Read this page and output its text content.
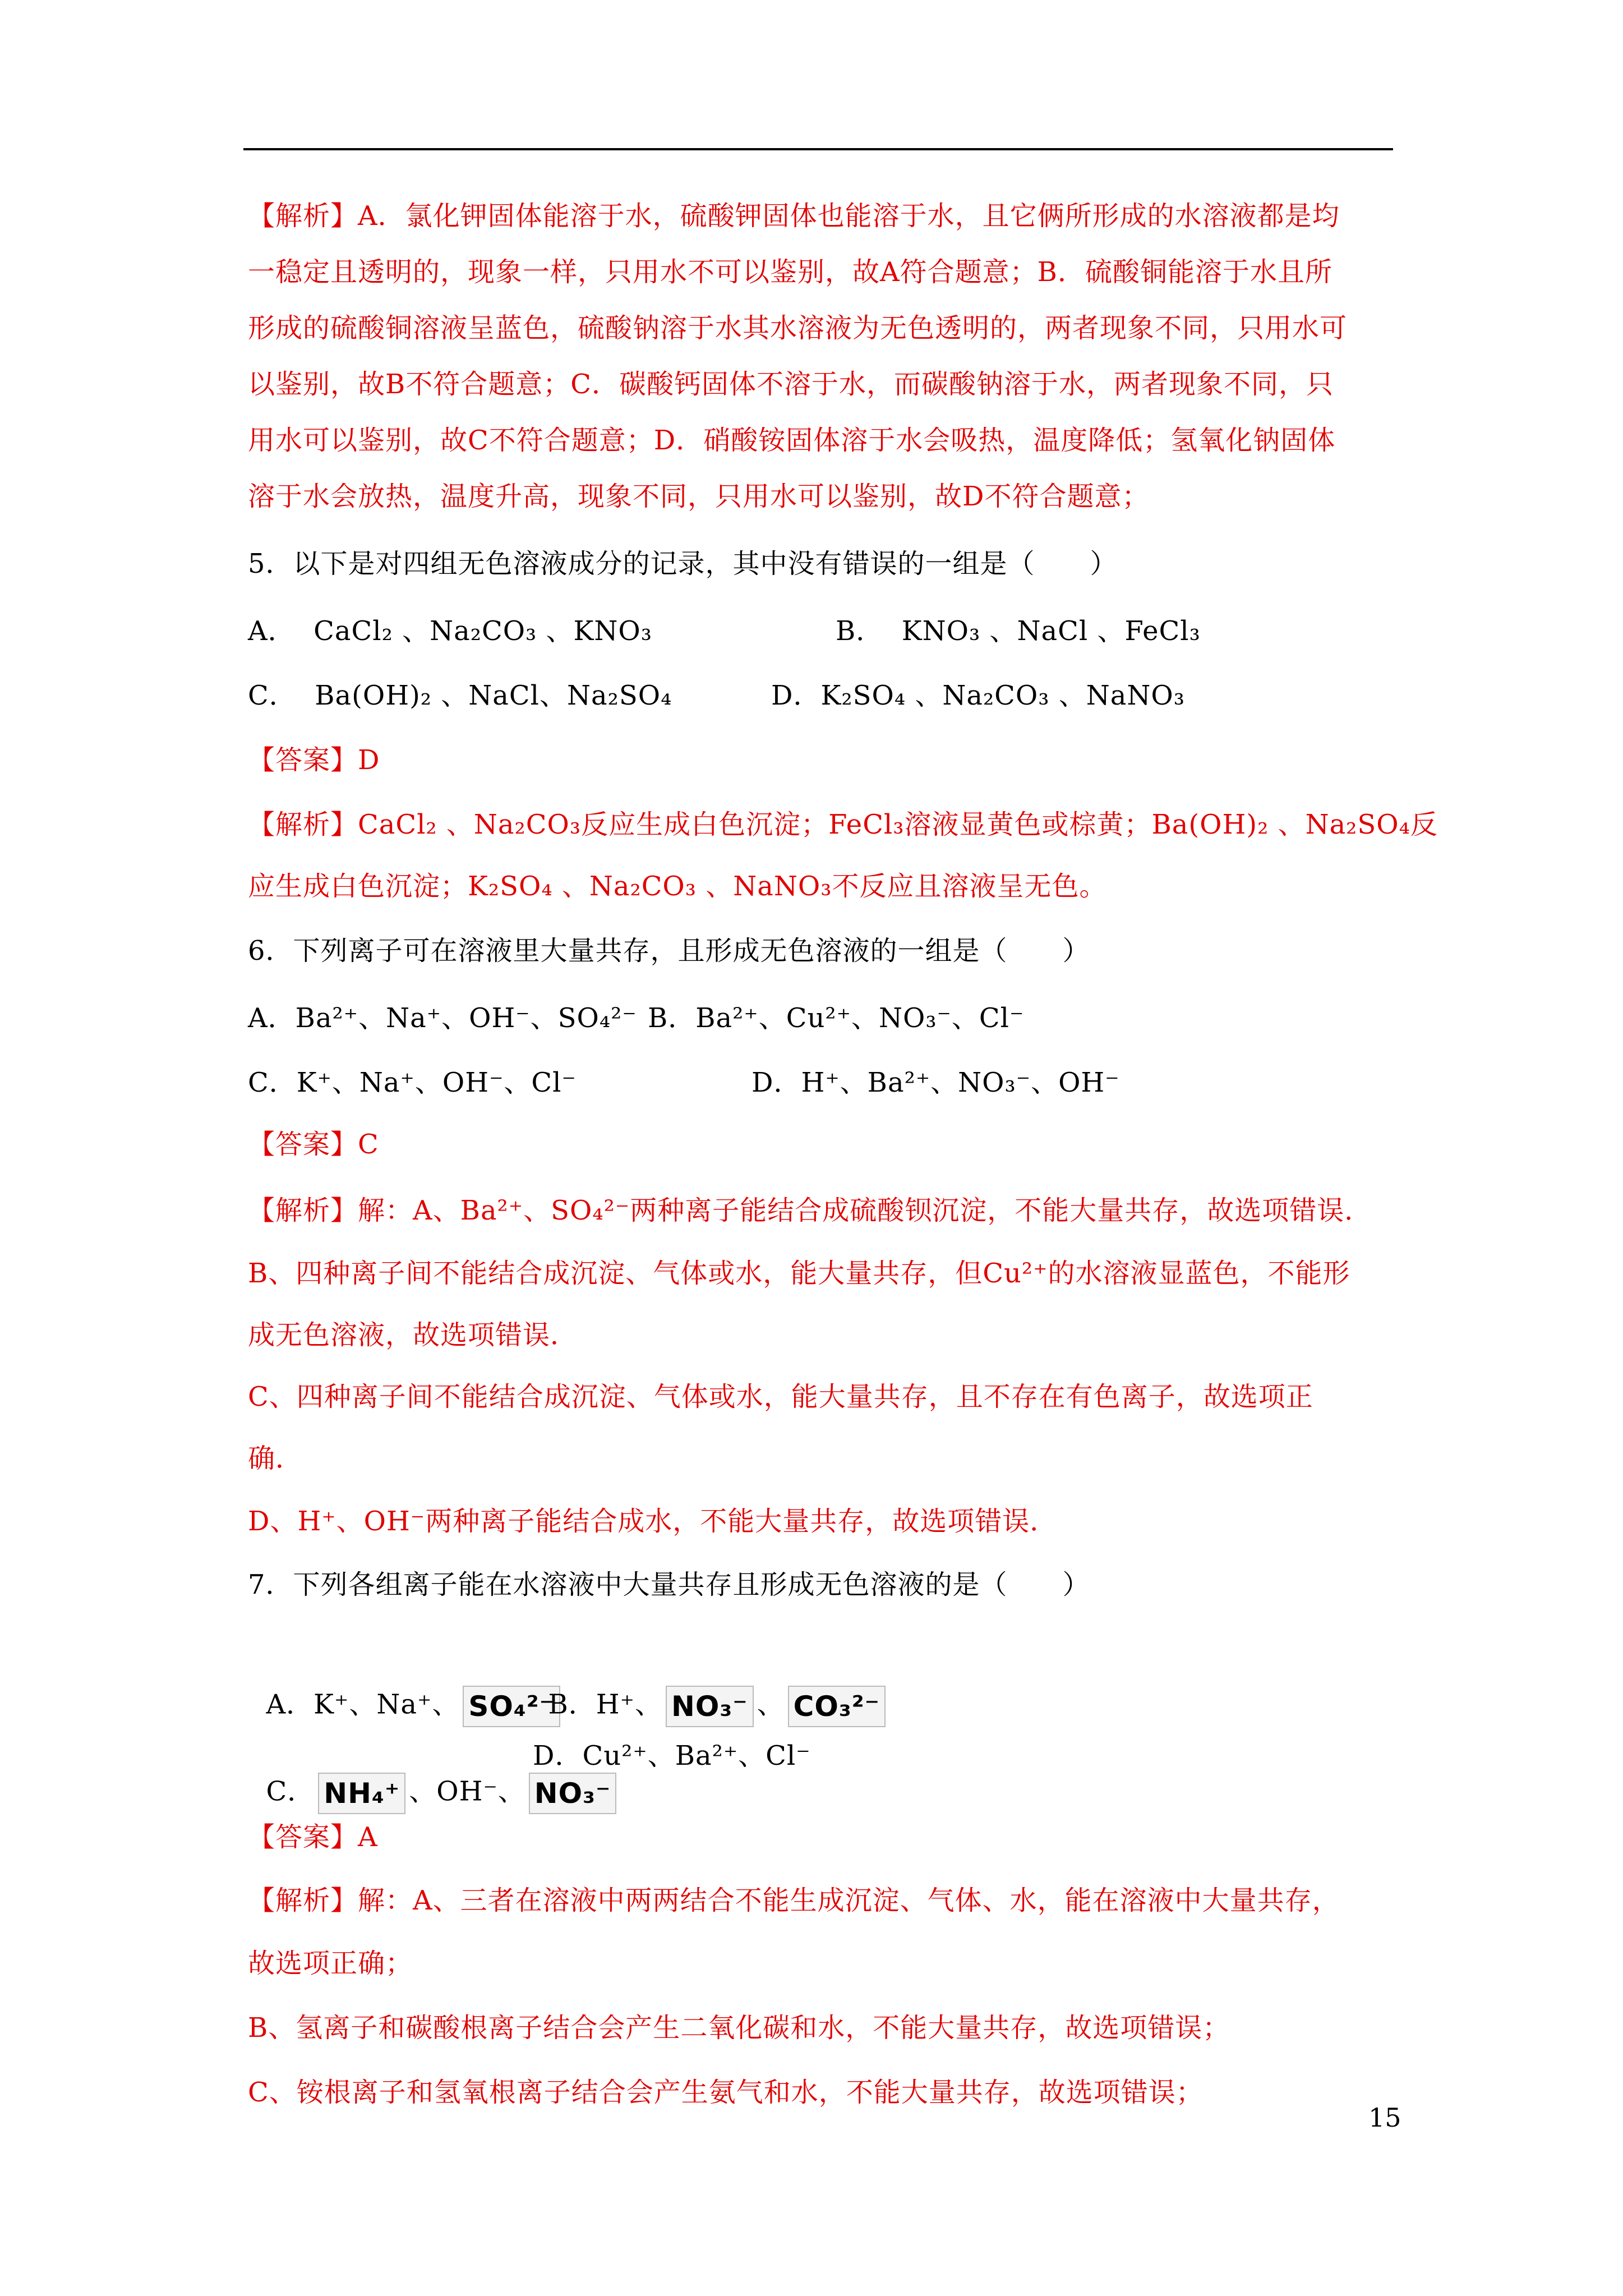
【解析】A．氯化钾固体能溶于水，硫酸钾固体也能溶于水，且它俩所形成的水溶液都是均
一稳定且透明的，现象一样，只用水不可以鉴别，故A符合题意；B．硫酸铜能溶于水且所
形成的硫酸铜溶液呈蓝色，硫酸钠溶于水其水溶液为无色透明的，两者现象不同，只用水可
以鉴别，故B不符合题意；C．碳酸钙固体不溶于水，而碳酸钠溶于水，两者现象不同，只
用水可以鉴别，故C不符合题意；D．硝酸铵固体溶于水会吸热，温度降低；氢氧化钠固体
溶于水会放热，温度升高，现象不同，只用水可以鉴别，故D不符合题意；
5．以下是对四组无色溶液成分的记录，其中没有错误的一组是（　　）
A．  CaCl₂ 、Na₂CO₃ 、KNO₃	B．  KNO₃ 、NaCl 、FeCl₃
C．  Ba(OH)₂ 、NaCl、Na₂SO₄	D．K₂SO₄ 、Na₂CO₃ 、NaNO₃
【答案】D
【解析】CaCl₂ 、Na₂CO₃反应生成白色沉淀；FeCl₃溶液显黄色或棕黄；Ba(OH)₂ 、Na₂SO₄反
应生成白色沉淀；K₂SO₄ 、Na₂CO₃ 、NaNO₃不反应且溶液呈无色。
6．下列离子可在溶液里大量共存，且形成无色溶液的一组是（　　）
A．Ba²⁺、Na⁺、OH⁻、SO₄²⁻ B．Ba²⁺、Cu²⁺、NO₃⁻、Cl⁻
C．K⁺、Na⁺、OH⁻、Cl⁻	D．H⁺、Ba²⁺、NO₃⁻、OH⁻
【答案】C
【解析】解：A、Ba²⁺、SO₄²⁻两种离子能结合成硫酸钡沉淀，不能大量共存，故选项错误．
B、四种离子间不能结合成沉淀、气体或水，能大量共存，但Cu²⁺的水溶液显蓝色，不能形
成无色溶液，故选项错误．
C、四种离子间不能结合成沉淀、气体或水，能大量共存，且不存在有色离子，故选项正
确．
D、H⁺、OH⁻两种离子能结合成水，不能大量共存，故选项错误．
7．下列各组离子能在水溶液中大量共存且形成无色溶液的是（　　）

A．K⁺、Na⁺、 SO₄²⁻

B．H⁺、 NO₃⁻ 、 CO₃²⁻

C． NH₄⁺ 、OH⁻、 NO₃⁻

D．Cu²⁺、Ba²⁺、Cl⁻
【答案】A
【解析】解：A、三者在溶液中两两结合不能生成沉淀、气体、水，能在溶液中大量共存，
故选项正确；
B、氢离子和碳酸根离子结合会产生二氧化碳和水，不能大量共存，故选项错误；
C、铵根离子和氢氧根离子结合会产生氨气和水，不能大量共存，故选项错误；
15
